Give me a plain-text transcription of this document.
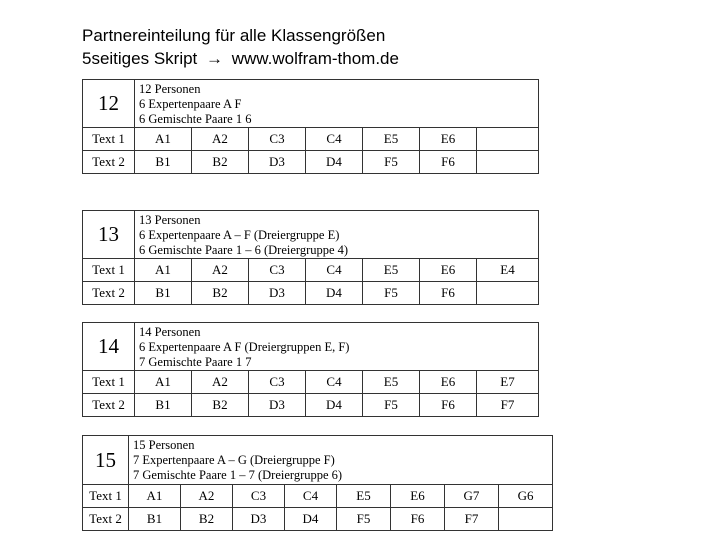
Partnereinteilung für alle Klassengrößen
5seitiges Skript → www.wolfram-thom.de
12	12 Personen
6 Expertenpaare A F
6 Gemischte Paare 1 6						

Text 1	A1	A2	C3	C4	E5	E6	
Text 2	B1	B2	D3	D4	F5	F6	
13	13 Personen
6 Expertenpaare A – F (Dreiergruppe E)
6 Gemischte Paare 1 – 6 (Dreiergruppe 4)						

Text 1	A1	A2	C3	C4	E5	E6	E4
Text 2	B1	B2	D3	D4	F5	F6	
14	14 Personen
6 Expertenpaare A F (Dreiergruppen E, F)
7 Gemischte Paare 1 7						

Text 1	A1	A2	C3	C4	E5	E6	E7
Text 2	B1	B2	D3	D4	F5	F6	F7
15	15 Personen
7 Expertenpaare A – G (Dreiergruppe F)
7 Gemischte Paare 1 – 7 (Dreiergruppe 6)							

Text 1	A1	A2	C3	C4	E5	E6	G7	G6
Text 2	B1	B2	D3	D4	F5	F6	F7	
